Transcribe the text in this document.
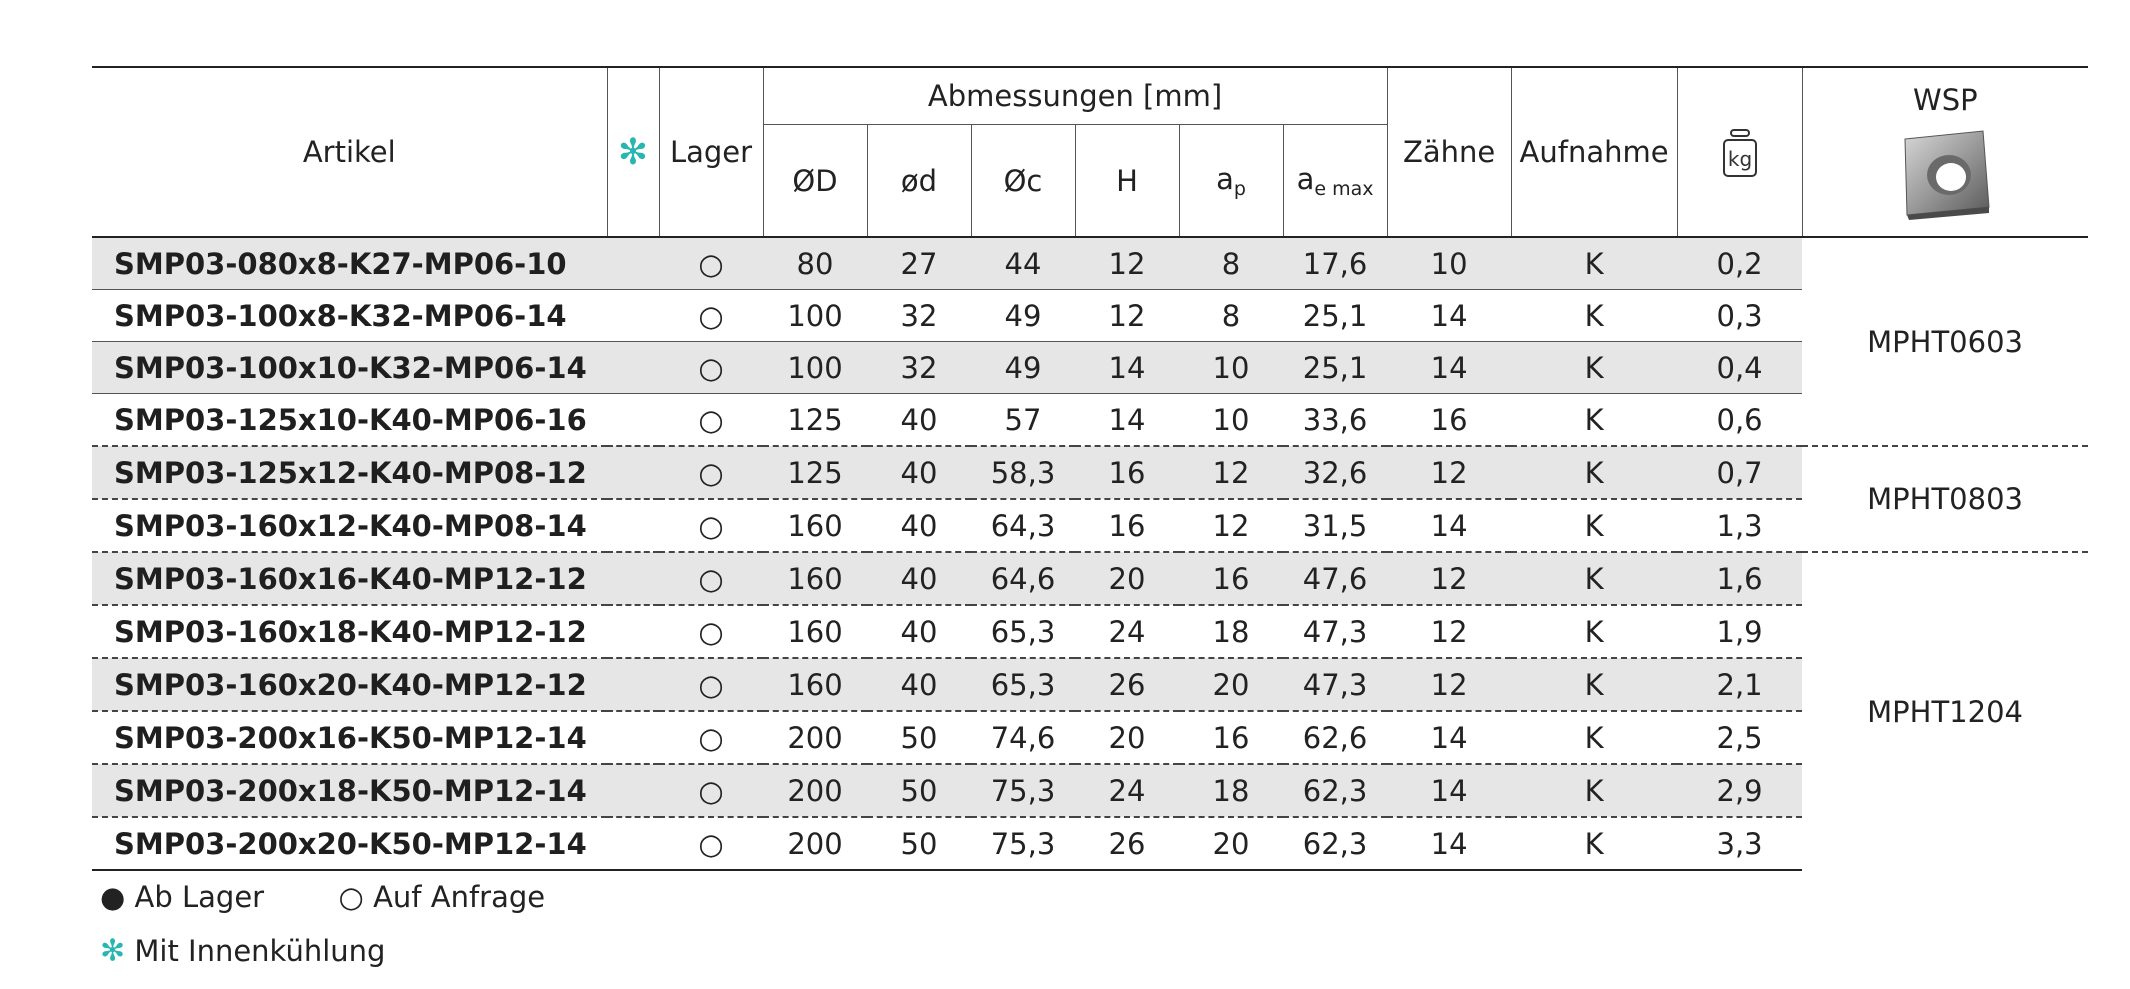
Artikel	✻	Lager	Abmessungen [mm]						Zähne	Aufnahme	kg	WSP

			ØD	ød	Øc	H	$a_p$	$a_{e max}$
SMP03-080x8-K27-MP06-10		○	80	27	44	12	8	17,6	10	K	0,2	MPHT0603
SMP03-100x8-K32-MP06-14		○	100	32	49	12	8	25,1	14	K	0,3	
SMP03-100x10-K32-MP06-14		○	100	32	49	14	10	25,1	14	K	0,4	
SMP03-125x10-K40-MP06-16		○	125	40	57	14	10	33,6	16	K	0,6	
SMP03-125x12-K40-MP08-12		○	125	40	58,3	16	12	32,6	12	K	0,7	MPHT0803
SMP03-160x12-K40-MP08-14		○	160	40	64,3	16	12	31,5	14	K	1,3	
SMP03-160x16-K40-MP12-12		○	160	40	64,6	20	16	47,6	12	K	1,6	MPHT1204
SMP03-160x18-K40-MP12-12		○	160	40	65,3	24	18	47,3	12	K	1,9	
SMP03-160x20-K40-MP12-12		○	160	40	65,3	26	20	47,3	12	K	2,1	
SMP03-200x16-K50-MP12-14		○	200	50	74,6	20	16	62,6	14	K	2,5	
SMP03-200x18-K50-MP12-14		○	200	50	75,3	24	18	62,3	14	K	2,9	
SMP03-200x20-K50-MP12-14		○	200	50	75,3	26	20	62,3	14	K	3,3	
● Ab Lager	○ Auf Anfrage
✻ Mit Innenkühlung
